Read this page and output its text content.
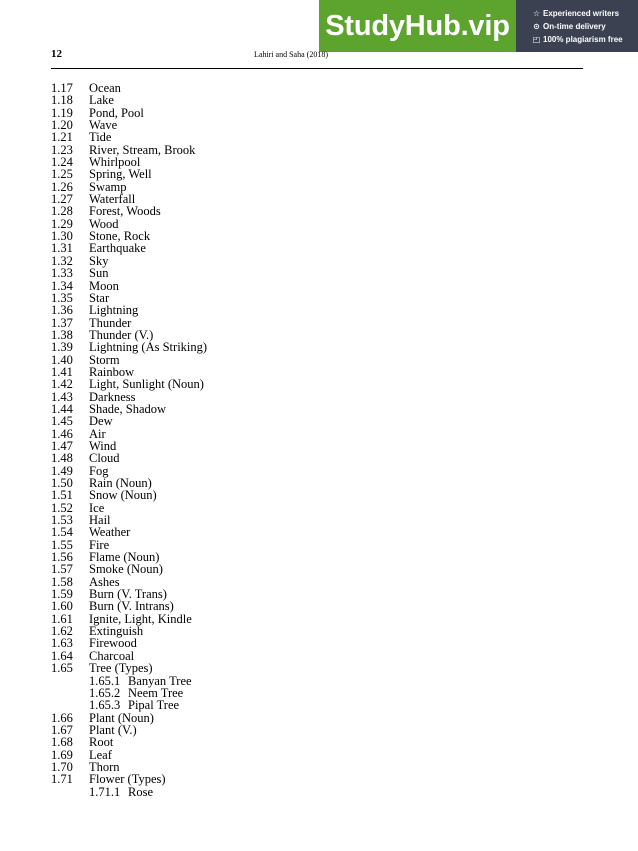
StudyHub.vip	☆ Experienced writers
⊙ On-time delivery
◰ 100% plagiarism free
12	Lahiri and Saha (2018)
1.17 Ocean
1.18 Lake
1.19 Pond, Pool
1.20 Wave
1.21 Tide
1.23 River, Stream, Brook
1.24 Whirlpool
1.25 Spring, Well
1.26 Swamp
1.27 Waterfall
1.28 Forest, Woods
1.29 Wood
1.30 Stone, Rock
1.31 Earthquake
1.32 Sky
1.33 Sun
1.34 Moon
1.35 Star
1.36 Lightning
1.37 Thunder
1.38 Thunder (V.)
1.39 Lightning (As Striking)
1.40 Storm
1.41 Rainbow
1.42 Light, Sunlight (Noun)
1.43 Darkness
1.44 Shade, Shadow
1.45 Dew
1.46 Air
1.47 Wind
1.48 Cloud
1.49 Fog
1.50 Rain (Noun)
1.51 Snow (Noun)
1.52 Ice
1.53 Hail
1.54 Weather
1.55 Fire
1.56 Flame (Noun)
1.57 Smoke (Noun)
1.58 Ashes
1.59 Burn (V. Trans)
1.60 Burn (V. Intrans)
1.61 Ignite, Light, Kindle
1.62 Extinguish
1.63 Firewood
1.64 Charcoal
1.65 Tree (Types)
1.65.1 Banyan Tree
1.65.2 Neem Tree
1.65.3 Pipal Tree
1.66 Plant (Noun)
1.67 Plant (V.)
1.68 Root
1.69 Leaf
1.70 Thorn
1.71 Flower (Types)
1.71.1 Rose
